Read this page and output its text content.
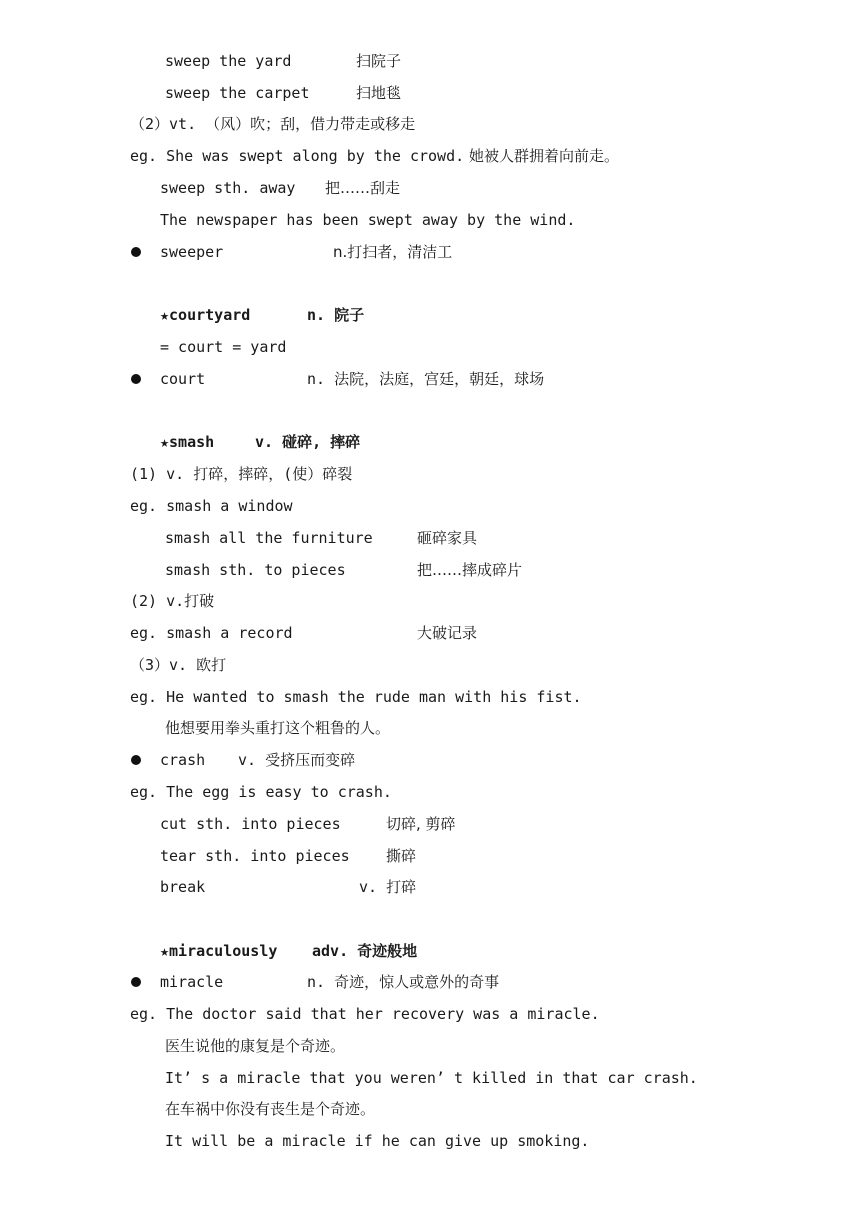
sweep the yard	扫院子
sweep the carpet	扫地毯
（2）vt. （风）吹；刮，借力带走或移走
eg. She was swept along by the crowd. 她被人群拥着向前走。
sweep sth. away 把……刮走
The newspaper has been swept away by the wind.
sweeper	n.打扫者，清洁工
★courtyard	n. 院子
= court = yard
court	n. 法院，法庭，宫廷，朝廷，球场
★smash	v. 碰碎, 摔碎
(1) v. 打碎，摔碎，(使）碎裂
eg. smash a window
smash all the furniture	砸碎家具
smash sth. to pieces	把……摔成碎片
(2) v.打破
eg. smash a record	大破记录
（3）v. 欧打
eg. He wanted to smash the rude man with his fist.
他想要用拳头重打这个粗鲁的人。
crash v. 受挤压而变碎
eg. The egg is easy to crash.
cut sth. into pieces	切碎, 剪碎
tear sth. into pieces 撕碎
break	v. 打碎
★miraculously adv. 奇迹般地
miracle	n. 奇迹，惊人或意外的奇事
eg. The doctor said that her recovery was a miracle.
医生说他的康复是个奇迹。
It’ s a miracle that you weren’ t killed in that car crash.
在车祸中你没有丧生是个奇迹。
It will be a miracle if he can give up smoking.
